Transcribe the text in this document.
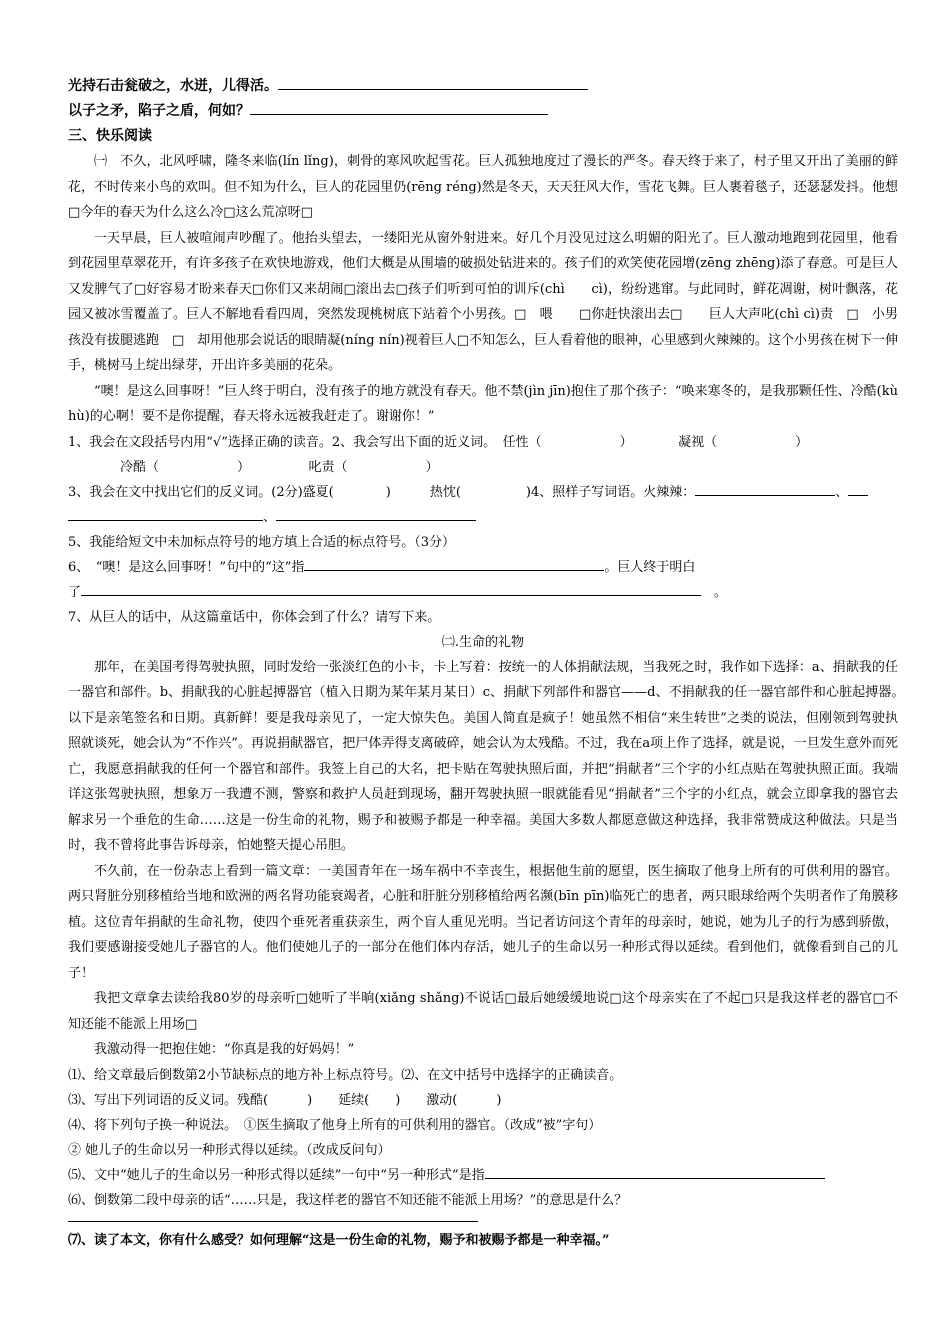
光持石击瓮破之，水迸，儿得活。
以子之矛，陷子之盾，何如？
三、快乐阅读
㈠　不久，北风呼啸，隆冬来临(lín lǐng)，刺骨的寒风吹起雪花。巨人孤独地度过了漫长的严冬。春天终于来了，村子里又开出了美丽的鲜花，不时传来小鸟的欢叫。但不知为什么，巨人的花园里仍(rēng réng)然是冬天，天天狂风大作，雪花飞舞。巨人裹着毯子，还瑟瑟发抖。他想□今年的春天为什么这么冷□这么荒凉呀□
一天早晨，巨人被喧闹声吵醒了。他抬头望去，一缕阳光从窗外射进来。好几个月没见过这么明媚的阳光了。巨人激动地跑到花园里，他看到花园里草翠花开，有许多孩子在欢快地游戏，他们大概是从围墙的破损处钻进来的。孩子们的欢笑使花园增(zēng zhēng)添了春意。可是巨人又发脾气了□好容易才盼来春天□你们又来胡闹□滚出去□孩子们听到可怕的训斥(chì　　cì)，纷纷逃窜。与此同时，鲜花凋谢，树叶飘落，花园又被冰雪覆盖了。巨人不解地看看四周，突然发现桃树底下站着个小男孩。□　喂　　□你赶快滚出去□　　巨人大声叱(chì cì)责　□　小男孩没有拔腿逃跑　□　却用他那会说话的眼睛凝(níng nín)视着巨人□不知怎么，巨人看着他的眼神，心里感到火辣辣的。这个小男孩在树下一伸手，桃树马上绽出绿芽，开出许多美丽的花朵。
“噢！是这么回事呀！”巨人终于明白，没有孩子的地方就没有春天。他不禁(jìn jīn)抱住了那个孩子：“唤来寒冬的，是我那颗任性、冷酷(kù hù)的心啊！要不是你提醒，春天将永远被我赶走了。谢谢你！”
1、我会在文段括号内用“√”选择正确的读音。2、我会写出下面的近义词。　任性（　　　　　　）　　　　凝视（　　　　　　）
　　　　冷酷（　　　　　　）　　　　　叱责（　　　　　　）
3、我会在文中找出它们的反义词。(2分)盛夏(　　　　)　　　热忱(　　　　　)4、照样子写词语。火辣辣：	、
、
5、我能给短文中未加标点符号的地方填上合适的标点符号。（3分）
6、　“噢！是这么回事呀！”句中的“这”指	。巨人终于明白
了	　。
7、从巨人的话中，从这篇童话中，你体会到了什么？请写下来。
㈡.生命的礼物
那年，在美国考得驾驶执照，同时发给一张淡红色的小卡，卡上写着：按统一的人体捐献法规，当我死之时，我作如下选择：a、捐献我的任一器官和部件。b、捐献我的心脏起搏器官（植入日期为某年某月某日）c、捐献下列部件和器官——d、不捐献我的任一器官部件和心脏起搏器。　以下是亲笔签名和日期。真新鲜！要是我母亲见了，一定大惊失色。美国人简直是疯子！她虽然不相信“来生转世”之类的说法，但刚领到驾驶执照就谈死，她会认为“不作兴”。再说捐献器官，把尸体弄得支离破碎，她会认为太残酷。不过，我在a项上作了选择，就是说，一旦发生意外而死亡，我愿意捐献我的任何一个器官和部件。我签上自己的大名，把卡贴在驾驶执照后面，并把“捐献者”三个字的小红点贴在驾驶执照正面。我端详这张驾驶执照，想象万一我遭不测，警察和救护人员赶到现场，翻开驾驶执照一眼就能看见“捐献者”三个字的小红点，就会立即拿我的器官去解求另一个垂危的生命……这是一份生命的礼物，赐予和被赐予都是一种幸福。美国大多数人都愿意做这种选择，我非常赞成这种做法。只是当时，我不曾将此事告诉母亲，怕她整天提心吊胆。
不久前，在一份杂志上看到一篇文章：一美国青年在一场车祸中不幸丧生，根据他生前的愿望，医生摘取了他身上所有的可供利用的器官。两只肾脏分别移植给当地和欧洲的两名肾功能衰竭者，心脏和肝脏分别移植给两名濒(bīn pīn)临死亡的患者，两只眼球给两个失明者作了角膜移植。这位青年捐献的生命礼物，使四个垂死者重获亲生，两个盲人重见光明。当记者访问这个青年的母亲时，她说，她为儿子的行为感到骄傲，我们要感谢接受她儿子器官的人。他们使她儿子的一部分在他们体内存活，她儿子的生命以另一种形式得以延续。看到他们，就像看到自己的儿子！
我把文章拿去读给我80岁的母亲听□她听了半晌(xiǎng shǎng)不说话□最后她缓缓地说□这个母亲实在了不起□只是我这样老的器官□不知还能不能派上用场□
我激动得一把抱住她：“你真是我的好妈妈！”
⑴、给文章最后倒数第2小节缺标点的地方补上标点符号。⑵、在文中括号中选择字的正确读音。
⑶、写出下列词语的反义词。残酷(　　　)　　延续(　　)　　激动(　　　)
⑷、将下列句子换一种说法。　①医生摘取了他身上所有的可供利用的器官。（改成“被”字句）
② 她儿子的生命以另一种形式得以延续。（改成反问句）
⑸、文中“她儿子的生命以另一种形式得以延续”一句中“另一种形式”是指
⑹、倒数第二段中母亲的话“……只是，我这样老的器官不知还能不能派上用场？”的意思是什么？
⑺、读了本文，你有什么感受？如何理解“这是一份生命的礼物，赐予和被赐予都是一种幸福。”
